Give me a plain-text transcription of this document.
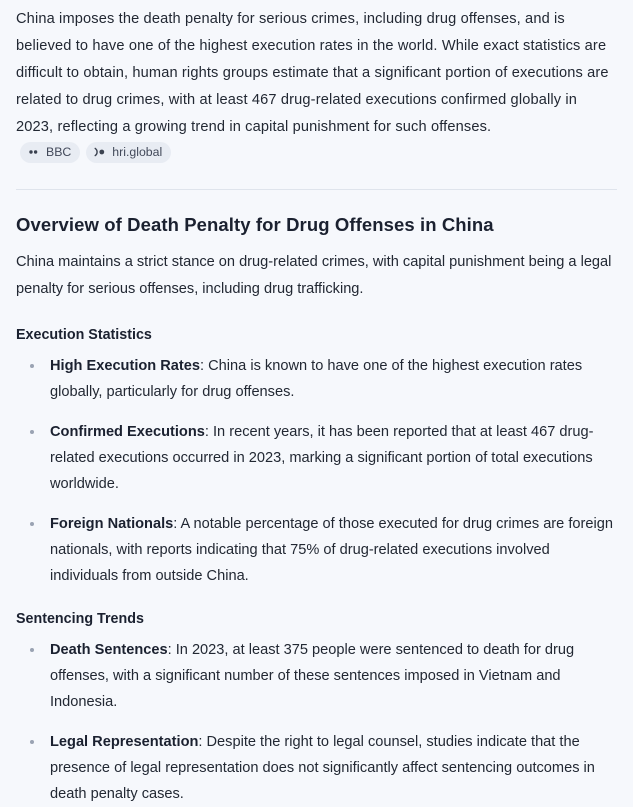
China imposes the death penalty for serious crimes, including drug offenses, and is believed to have one of the highest execution rates in the world. While exact statistics are difficult to obtain, human rights groups estimate that a significant portion of executions are related to drug crimes, with at least 467 drug-related executions confirmed globally in 2023, reflecting a growing trend in capital punishment for such offenses.
BBC	hri.global
Overview of Death Penalty for Drug Offenses in China

China maintains a strict stance on drug-related crimes, with capital punishment being a legal penalty for serious offenses, including drug trafficking.

Execution Statistics
High Execution Rates: China is known to have one of the highest execution rates globally, particularly for drug offenses.
Confirmed Executions: In recent years, it has been reported that at least 467 drug-related executions occurred in 2023, marking a significant portion of total executions worldwide.
Foreign Nationals: A notable percentage of those executed for drug crimes are foreign nationals, with reports indicating that 75% of drug-related executions involved individuals from outside China.
Sentencing Trends
Death Sentences: In 2023, at least 375 people were sentenced to death for drug offenses, with a significant number of these sentences imposed in Vietnam and Indonesia.
Legal Representation: Despite the right to legal counsel, studies indicate that the presence of legal representation does not significantly affect sentencing outcomes in death penalty cases.
